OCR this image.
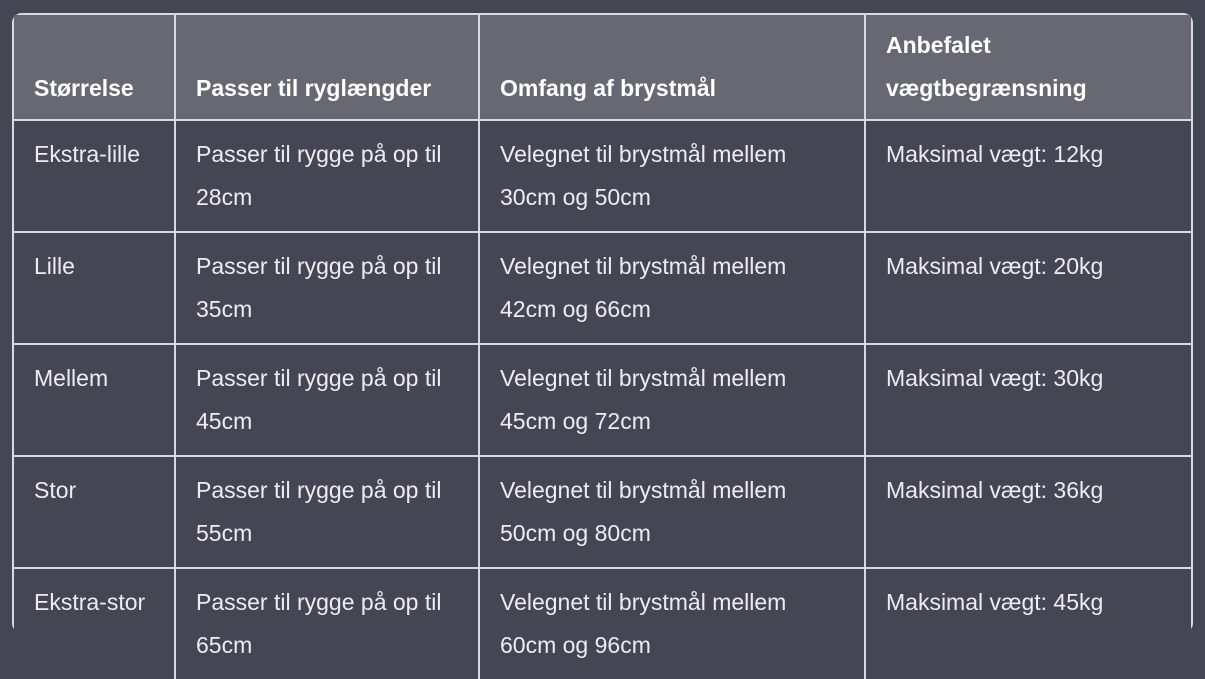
Størrelse	Passer til ryglængder	Omfang af brystmål	Anbefalet vægtbegrænsning
Ekstra-lille	Passer til rygge på op til 28cm	Velegnet til brystmål mellem 30cm og 50cm	Maksimal vægt: 12kg
Lille	Passer til rygge på op til 35cm	Velegnet til brystmål mellem 42cm og 66cm	Maksimal vægt: 20kg
Mellem	Passer til rygge på op til 45cm	Velegnet til brystmål mellem 45cm og 72cm	Maksimal vægt: 30kg
Stor	Passer til rygge på op til 55cm	Velegnet til brystmål mellem 50cm og 80cm	Maksimal vægt: 36kg
Ekstra-stor	Passer til rygge på op til 65cm	Velegnet til brystmål mellem 60cm og 96cm	Maksimal vægt: 45kg
